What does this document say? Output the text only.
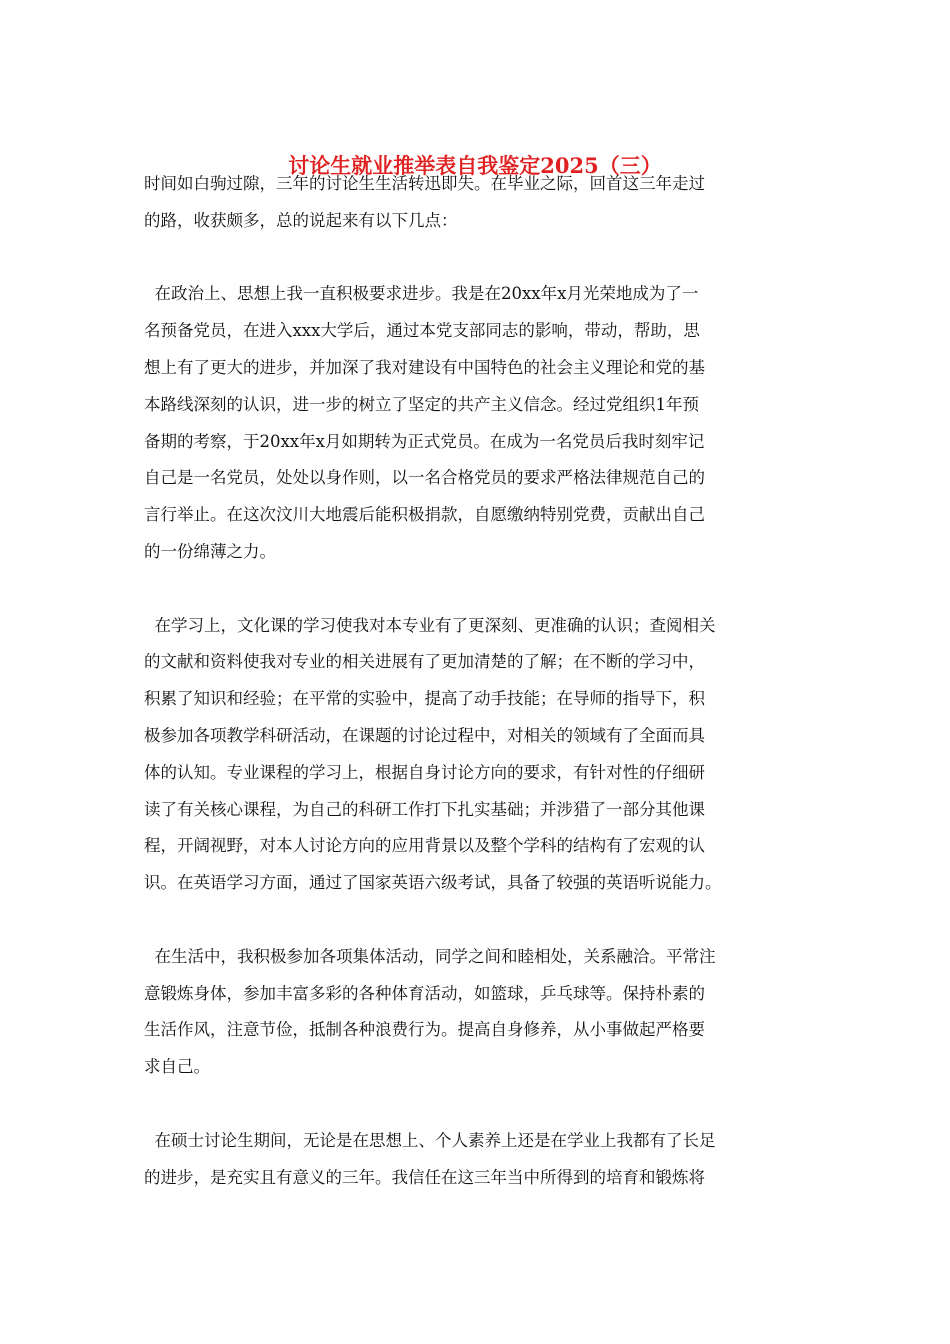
讨论生就业推举表自我鉴定2025（三）
时间如白驹过隙，三年的讨论生生活转迅即失。在毕业之际，回首这三年走过
的路，收获颇多，总的说起来有以下几点：
在政治上、思想上我一直积极要求进步。我是在20xx年x月光荣地成为了一
名预备党员，在进入xxx大学后，通过本党支部同志的影响，带动，帮助，思
想上有了更大的进步，并加深了我对建设有中国特色的社会主义理论和党的基
本路线深刻的认识，进一步的树立了坚定的共产主义信念。经过党组织1年预
备期的考察，于20xx年x月如期转为正式党员。在成为一名党员后我时刻牢记
自己是一名党员，处处以身作则，以一名合格党员的要求严格法律规范自己的
言行举止。在这次汶川大地震后能积极捐款，自愿缴纳特别党费，贡献出自己
的一份绵薄之力。
在学习上，文化课的学习使我对本专业有了更深刻、更准确的认识；查阅相关
的文献和资料使我对专业的相关进展有了更加清楚的了解；在不断的学习中，
积累了知识和经验；在平常的实验中，提高了动手技能；在导师的指导下，积
极参加各项教学科研活动，在课题的讨论过程中，对相关的领域有了全面而具
体的认知。专业课程的学习上，根据自身讨论方向的要求，有针对性的仔细研
读了有关核心课程，为自己的科研工作打下扎实基础；并涉猎了一部分其他课
程，开阔视野，对本人讨论方向的应用背景以及整个学科的结构有了宏观的认
识。在英语学习方面，通过了国家英语六级考试，具备了较强的英语听说能力。
在生活中，我积极参加各项集体活动，同学之间和睦相处，关系融洽。平常注
意锻炼身体，参加丰富多彩的各种体育活动，如篮球，乒乓球等。保持朴素的
生活作风，注意节俭，抵制各种浪费行为。提高自身修养，从小事做起严格要
求自己。
在硕士讨论生期间，无论是在思想上、个人素养上还是在学业上我都有了长足
的进步，是充实且有意义的三年。我信任在这三年当中所得到的培育和锻炼将
